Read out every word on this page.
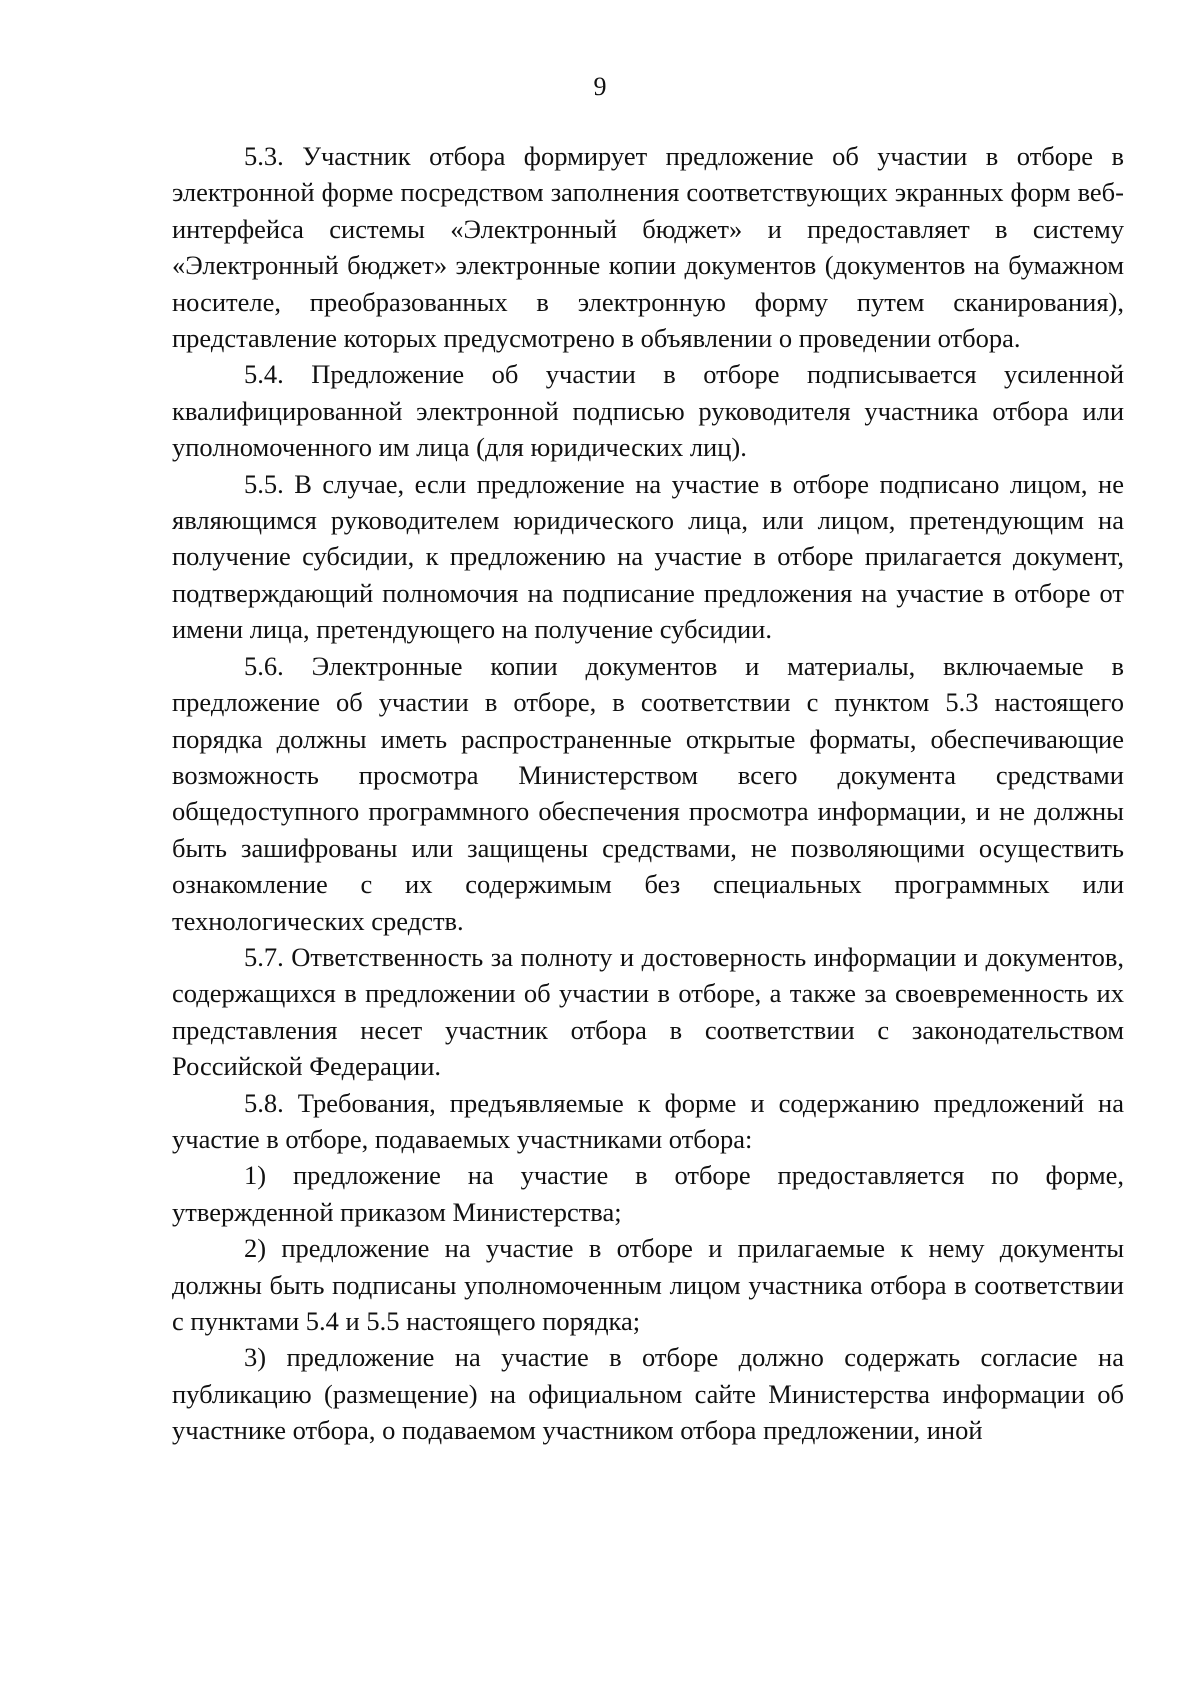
9

5.3. Участник отбора формирует предложение об участии в отборе в электронной форме посредством заполнения соответствующих экранных форм веб-интерфейса системы «Электронный бюджет» и предоставляет в систему «Электронный бюджет» электронные копии документов (документов на бумажном носителе, преобразованных в электронную форму путем сканирования), представление которых предусмотрено в объявлении о проведении отбора.

5.4. Предложение об участии в отборе подписывается усиленной квалифицированной электронной подписью руководителя участника отбора или уполномоченного им лица (для юридических лиц).

5.5. В случае, если предложение на участие в отборе подписано лицом, не являющимся руководителем юридического лица, или лицом, претендующим на получение субсидии, к предложению на участие в отборе прилагается документ, подтверждающий полномочия на подписание предложения на участие в отборе от имени лица, претендующего на получение субсидии.

5.6. Электронные копии документов и материалы, включаемые в предложение об участии в отборе, в соответствии с пунктом 5.3 настоящего порядка должны иметь распространенные открытые форматы, обеспечивающие возможность просмотра Министерством всего документа средствами общедоступного программного обеспечения просмотра информации, и не должны быть зашифрованы или защищены средствами, не позволяющими осуществить ознакомление с их содержимым без специальных программных или технологических средств.

5.7. Ответственность за полноту и достоверность информации и документов, содержащихся в предложении об участии в отборе, а также за своевременность их представления несет участник отбора в соответствии с законодательством Российской Федерации.

5.8. Требования, предъявляемые к форме и содержанию предложений на участие в отборе, подаваемых участниками отбора:

1) предложение на участие в отборе предоставляется по форме, утвержденной приказом Министерства;

2) предложение на участие в отборе и прилагаемые к нему документы должны быть подписаны уполномоченным лицом участника отбора в соответствии с пунктами 5.4 и 5.5 настоящего порядка;

3) предложение на участие в отборе должно содержать согласие на публикацию (размещение) на официальном сайте Министерства информации об участнике отбора, о подаваемом участником отбора предложении, иной
